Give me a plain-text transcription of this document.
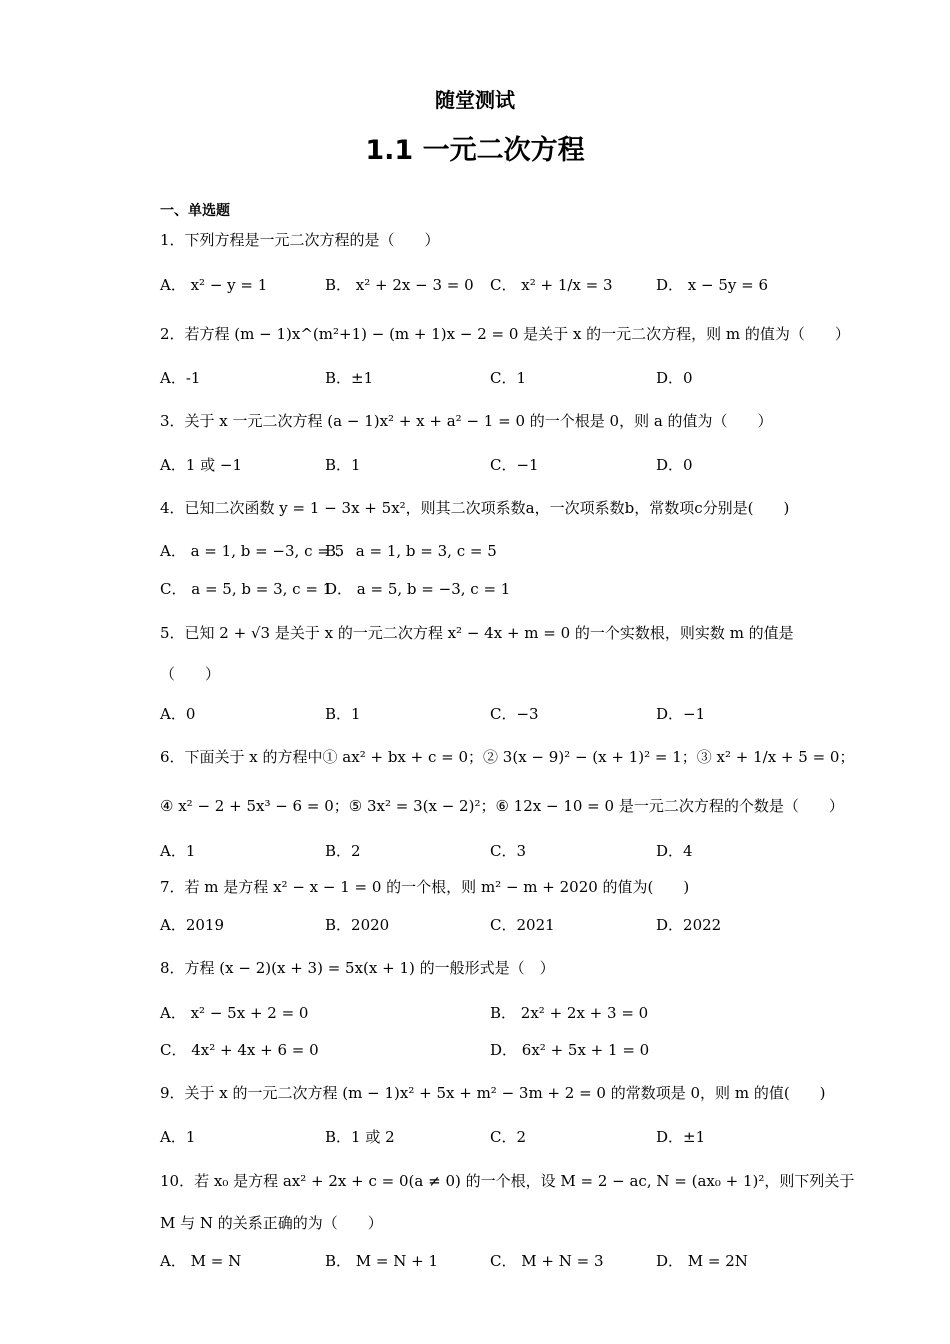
随堂测试
1.1 一元二次方程
一、单选题
1．下列方程是一元二次方程的是（　　）
A． x² − y = 1	B． x² + 2x − 3 = 0 C． x² + 1/x = 3	D． x − 5y = 6
2．若方程 (m − 1)x^(m²+1) − (m + 1)x − 2 = 0 是关于 x 的一元二次方程，则 m 的值为（　　）
A．-1	B．±1	C．1	D．0
3．关于 x 一元二次方程 (a − 1)x² + x + a² − 1 = 0 的一个根是 0，则 a 的值为（　　）
A．1 或 −1	B．1	C．−1	D．0
4．已知二次函数 y = 1 − 3x + 5x²，则其二次项系数a，一次项系数b，常数项c分别是(　　)
A． a = 1, b = −3, c = 5
B． a = 1, b = 3, c = 5
C． a = 5, b = 3, c = 1
D． a = 5, b = −3, c = 1
5．已知 2 + √3 是关于 x 的一元二次方程 x² − 4x + m = 0 的一个实数根，则实数 m 的值是
（　　）
A．0	B．1	C．−3	D．−1
6．下面关于 x 的方程中① ax² + bx + c = 0；② 3(x − 9)² − (x + 1)² = 1；③ x² + 1/x + 5 = 0；
④ x² − 2 + 5x³ − 6 = 0；⑤ 3x² = 3(x − 2)²；⑥ 12x − 10 = 0 是一元二次方程的个数是（　　）
A．1	B．2	C．3	D．4
7．若 m 是方程 x² − x − 1 = 0 的一个根，则 m² − m + 2020 的值为(　　)
A．2019	B．2020	C．2021	D．2022
8．方程 (x − 2)(x + 3) = 5x(x + 1) 的一般形式是（　）
A． x² − 5x + 2 = 0	B． 2x² + 2x + 3 = 0
C． 4x² + 4x + 6 = 0	D． 6x² + 5x + 1 = 0
9．关于 x 的一元二次方程 (m − 1)x² + 5x + m² − 3m + 2 = 0 的常数项是 0，则 m 的值(　　)
A．1	B．1 或 2	C．2	D．±1
10．若 x₀ 是方程 ax² + 2x + c = 0(a ≠ 0) 的一个根，设 M = 2 − ac, N = (ax₀ + 1)²，则下列关于
M 与 N 的关系正确的为（　　）
A． M = N	B． M = N + 1	C． M + N = 3	D． M = 2N
